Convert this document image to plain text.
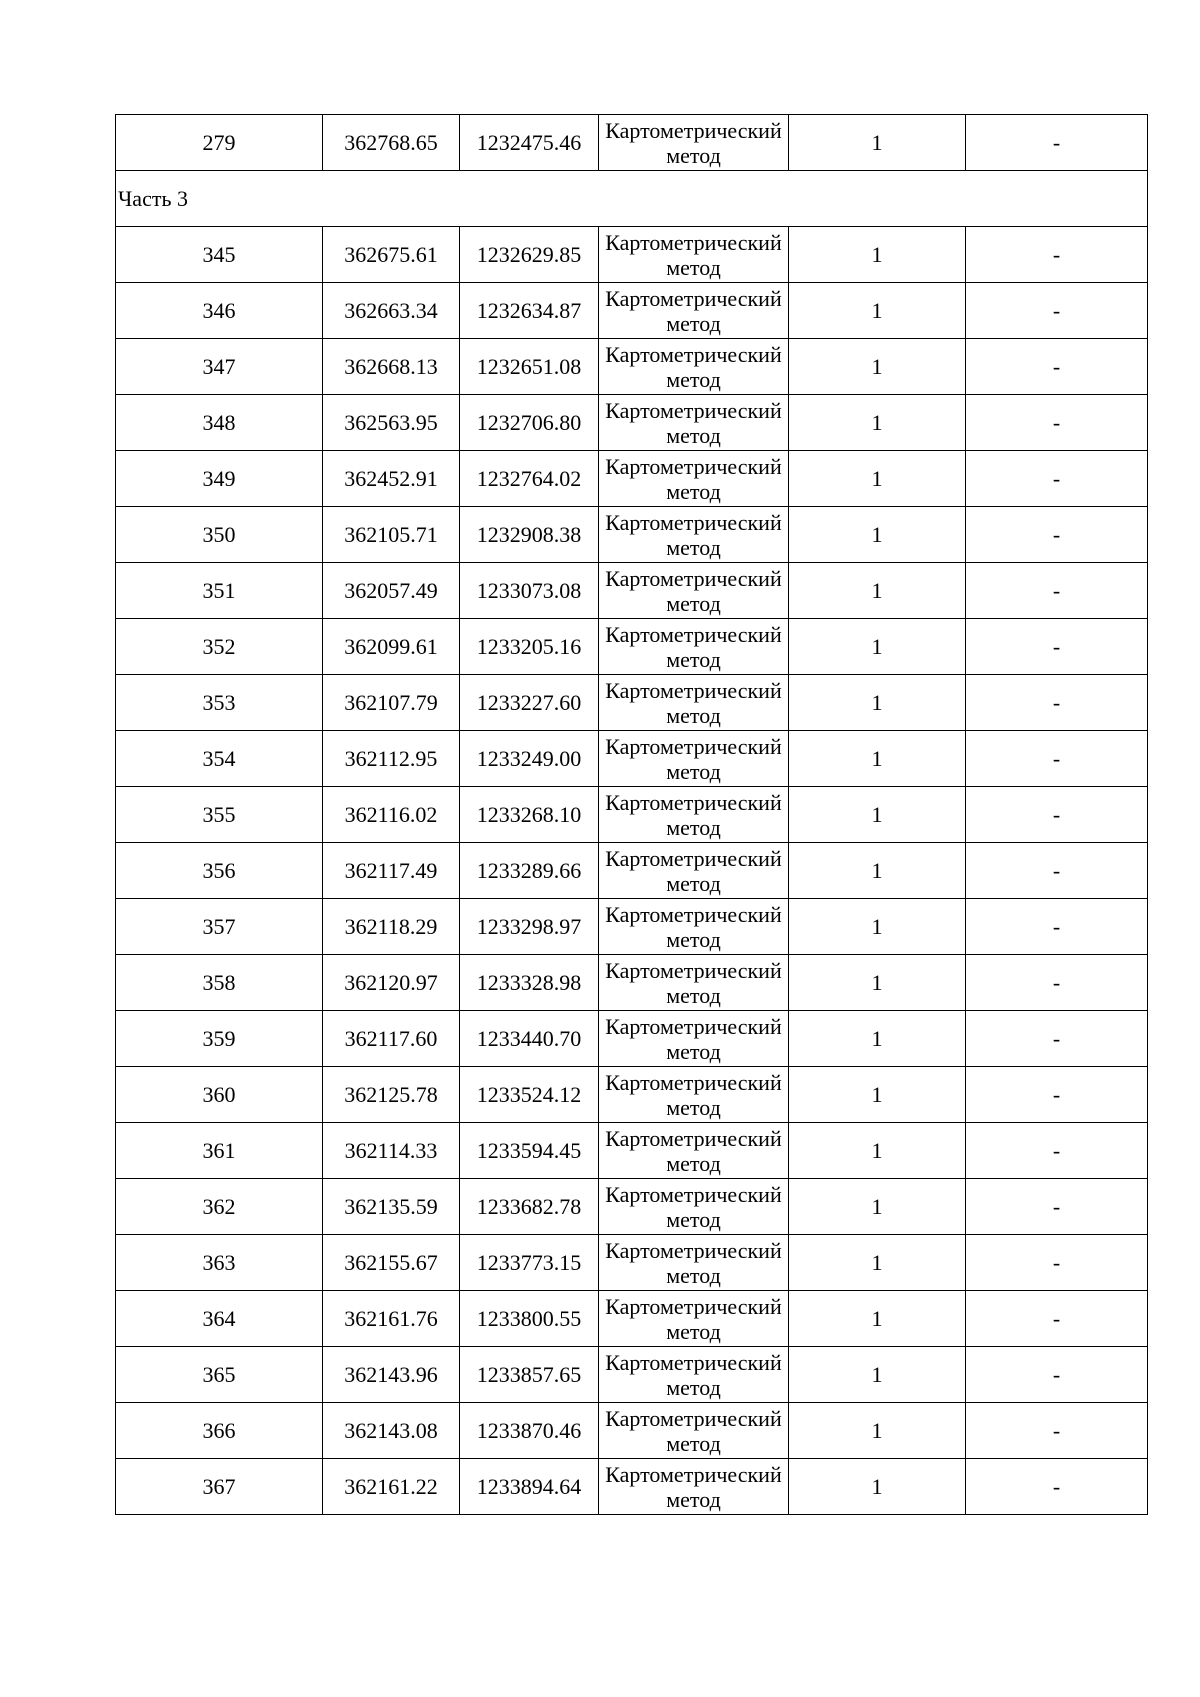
279	362768.65	1232475.46	Картометрический метод	1	-
Часть 3					
345	362675.61	1232629.85	Картометрический метод	1	-
346	362663.34	1232634.87	Картометрический метод	1	-
347	362668.13	1232651.08	Картометрический метод	1	-
348	362563.95	1232706.80	Картометрический метод	1	-
349	362452.91	1232764.02	Картометрический метод	1	-
350	362105.71	1232908.38	Картометрический метод	1	-
351	362057.49	1233073.08	Картометрический метод	1	-
352	362099.61	1233205.16	Картометрический метод	1	-
353	362107.79	1233227.60	Картометрический метод	1	-
354	362112.95	1233249.00	Картометрический метод	1	-
355	362116.02	1233268.10	Картометрический метод	1	-
356	362117.49	1233289.66	Картометрический метод	1	-
357	362118.29	1233298.97	Картометрический метод	1	-
358	362120.97	1233328.98	Картометрический метод	1	-
359	362117.60	1233440.70	Картометрический метод	1	-
360	362125.78	1233524.12	Картометрический метод	1	-
361	362114.33	1233594.45	Картометрический метод	1	-
362	362135.59	1233682.78	Картометрический метод	1	-
363	362155.67	1233773.15	Картометрический метод	1	-
364	362161.76	1233800.55	Картометрический метод	1	-
365	362143.96	1233857.65	Картометрический метод	1	-
366	362143.08	1233870.46	Картометрический метод	1	-
367	362161.22	1233894.64	Картометрический метод	1	-
